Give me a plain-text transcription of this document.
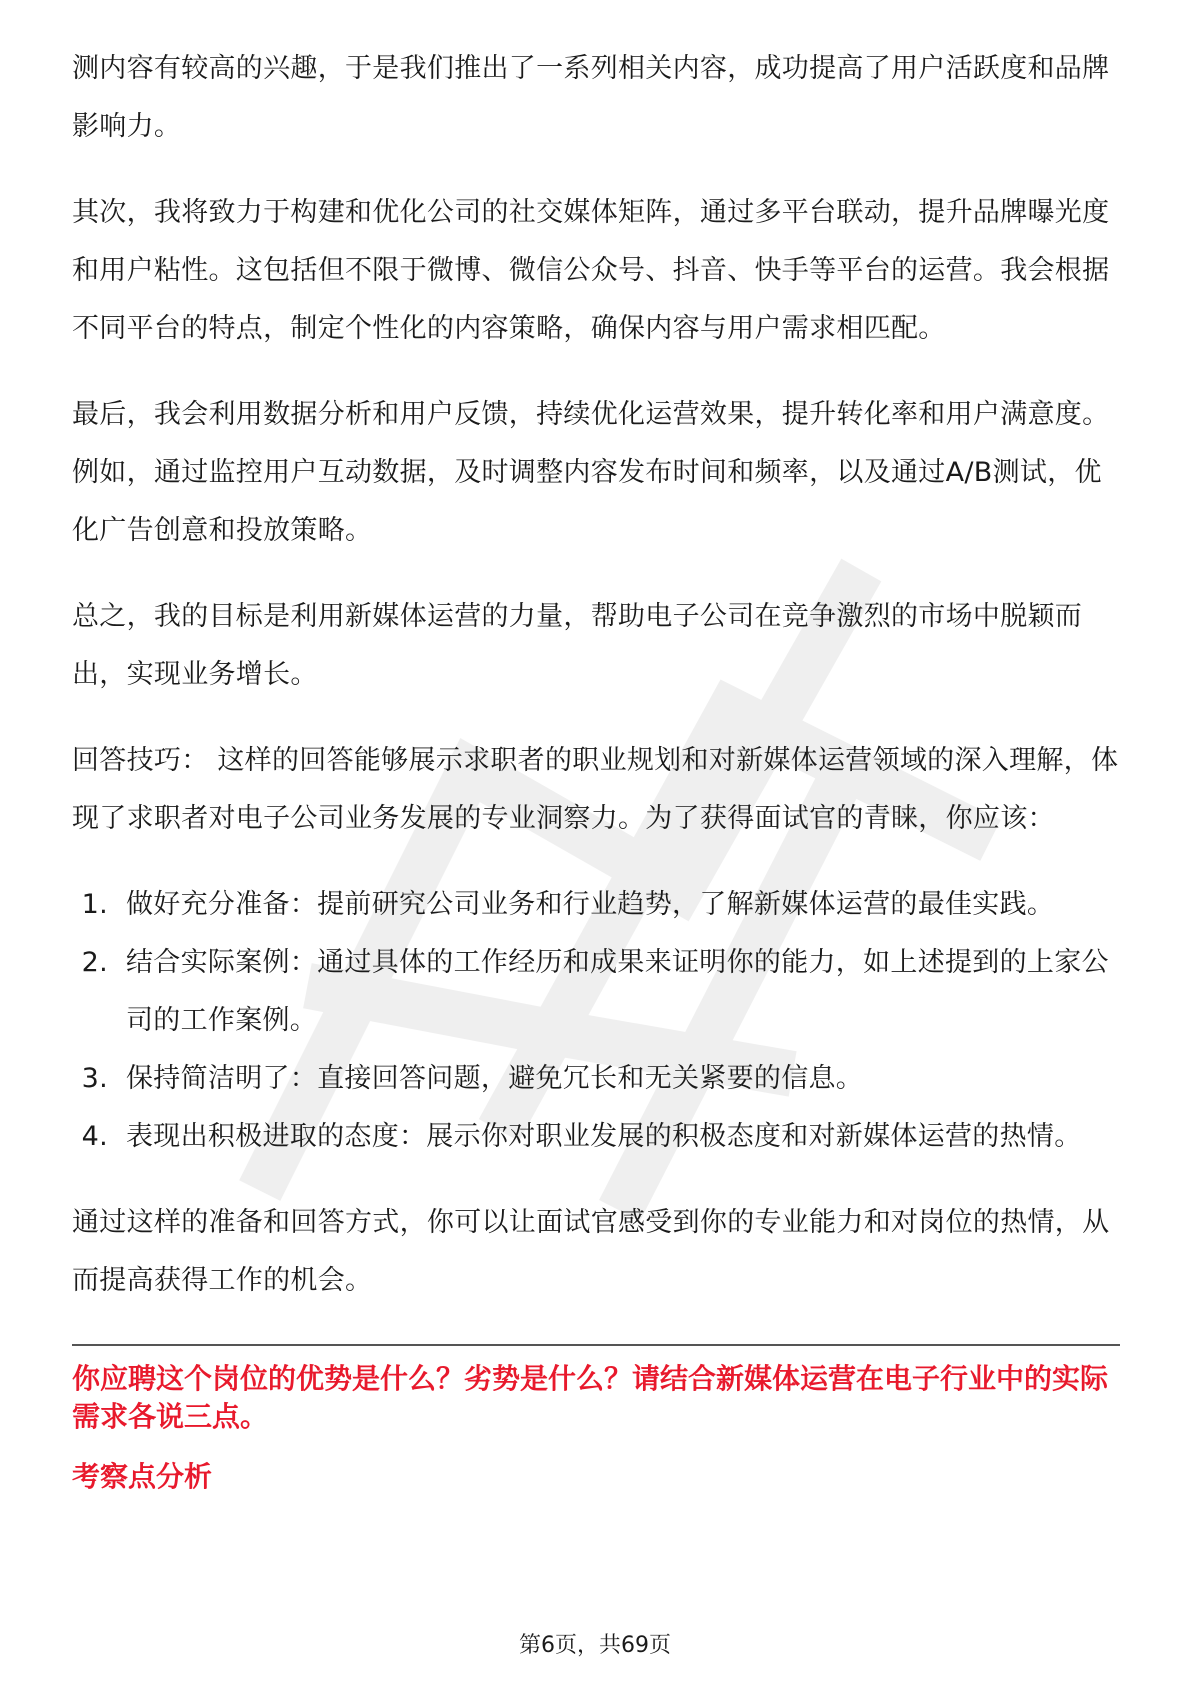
测内容有较高的兴趣，于是我们推出了一系列相关内容，成功提高了用户活跃度和品牌影响力。

其次，我将致力于构建和优化公司的社交媒体矩阵，通过多平台联动，提升品牌曝光度和用户粘性。这包括但不限于微博、微信公众号、抖音、快手等平台的运营。我会根据不同平台的特点，制定个性化的内容策略，确保内容与用户需求相匹配。

最后，我会利用数据分析和用户反馈，持续优化运营效果，提升转化率和用户满意度。例如，通过监控用户互动数据，及时调整内容发布时间和频率，以及通过A/B测试，优化广告创意和投放策略。

总之，我的目标是利用新媒体运营的力量，帮助电子公司在竞争激烈的市场中脱颖而出，实现业务增长。

回答技巧： 这样的回答能够展示求职者的职业规划和对新媒体运营领域的深入理解，体现了求职者对电子公司业务发展的专业洞察力。为了获得面试官的青睐，你应该：

1. 做好充分准备：提前研究公司业务和行业趋势，了解新媒体运营的最佳实践。
2. 结合实际案例：通过具体的工作经历和成果来证明你的能力，如上述提到的上家公司的工作案例。
3. 保持简洁明了：直接回答问题，避免冗长和无关紧要的信息。
4. 表现出积极进取的态度：展示你对职业发展的积极态度和对新媒体运营的热情。

通过这样的准备和回答方式，你可以让面试官感受到你的专业能力和对岗位的热情，从而提高获得工作的机会。

你应聘这个岗位的优势是什么？劣势是什么？请结合新媒体运营在电子行业中的实际需求各说三点。

考察点分析

第6页，共69页
